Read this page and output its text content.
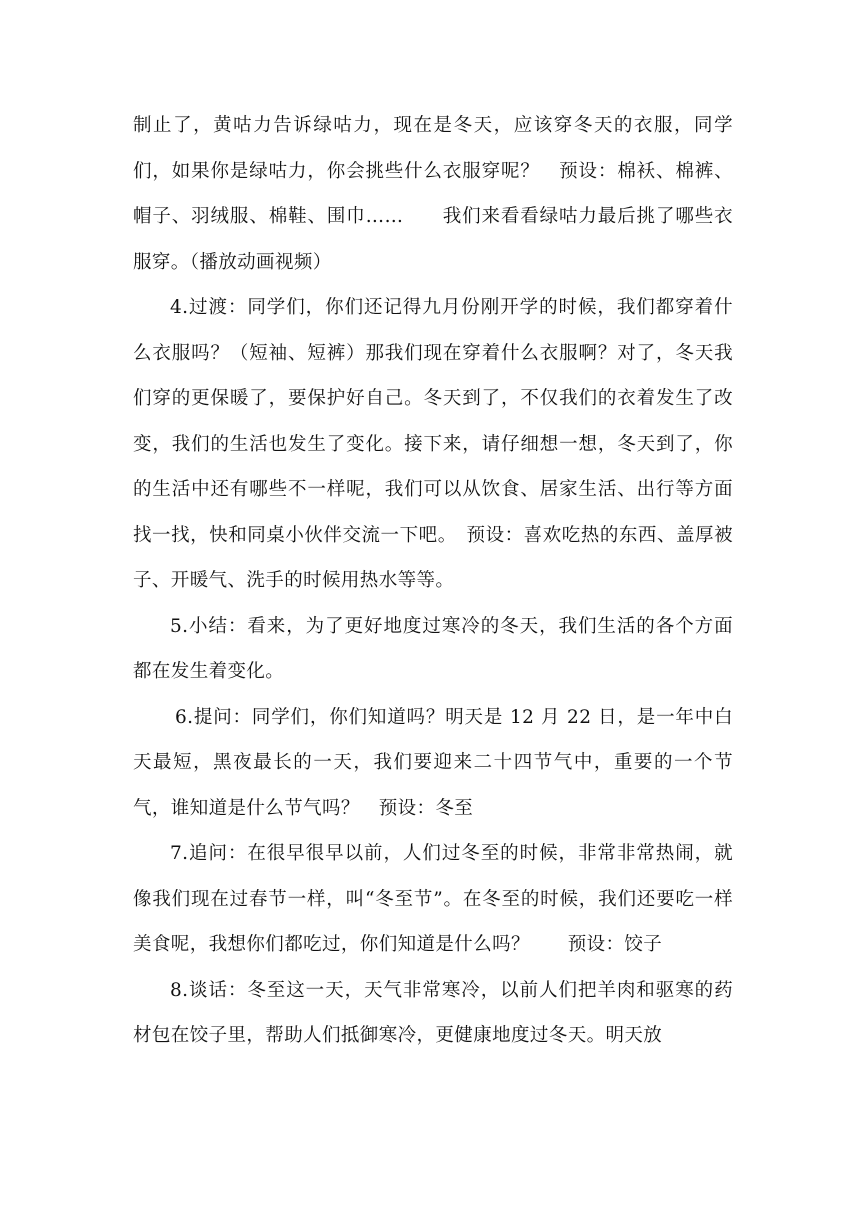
制止了，黄咕力告诉绿咕力，现在是冬天，应该穿冬天的衣服，同学们，如果你是绿咕力，你会挑些什么衣服穿呢？　预设：棉袄、棉裤、帽子、羽绒服、棉鞋、围巾……　　我们来看看绿咕力最后挑了哪些衣服穿。（播放动画视频）

4.过渡：同学们，你们还记得九月份刚开学的时候，我们都穿着什么衣服吗？（短袖、短裤）那我们现在穿着什么衣服啊？对了，冬天我们穿的更保暖了，要保护好自己。冬天到了，不仅我们的衣着发生了改变，我们的生活也发生了变化。接下来，请仔细想一想，冬天到了，你的生活中还有哪些不一样呢，我们可以从饮食、居家生活、出行等方面找一找，快和同桌小伙伴交流一下吧。　预设：喜欢吃热的东西、盖厚被子、开暖气、洗手的时候用热水等等。

5.小结：看来，为了更好地度过寒冷的冬天，我们生活的各个方面都在发生着变化。

6.提问：同学们，你们知道吗？明天是 12 月 22 日，是一年中白天最短，黑夜最长的一天，我们要迎来二十四节气中，重要的一个节气，谁知道是什么节气吗？　预设：冬至

7.追问：在很早很早以前，人们过冬至的时候，非常非常热闹，就像我们现在过春节一样，叫“冬至节”。在冬至的时候，我们还要吃一样美食呢，我想你们都吃过，你们知道是什么吗？　　预设：饺子

8.谈话：冬至这一天，天气非常寒冷，以前人们把羊肉和驱寒的药材包在饺子里，帮助人们抵御寒冷，更健康地度过冬天。明天放
